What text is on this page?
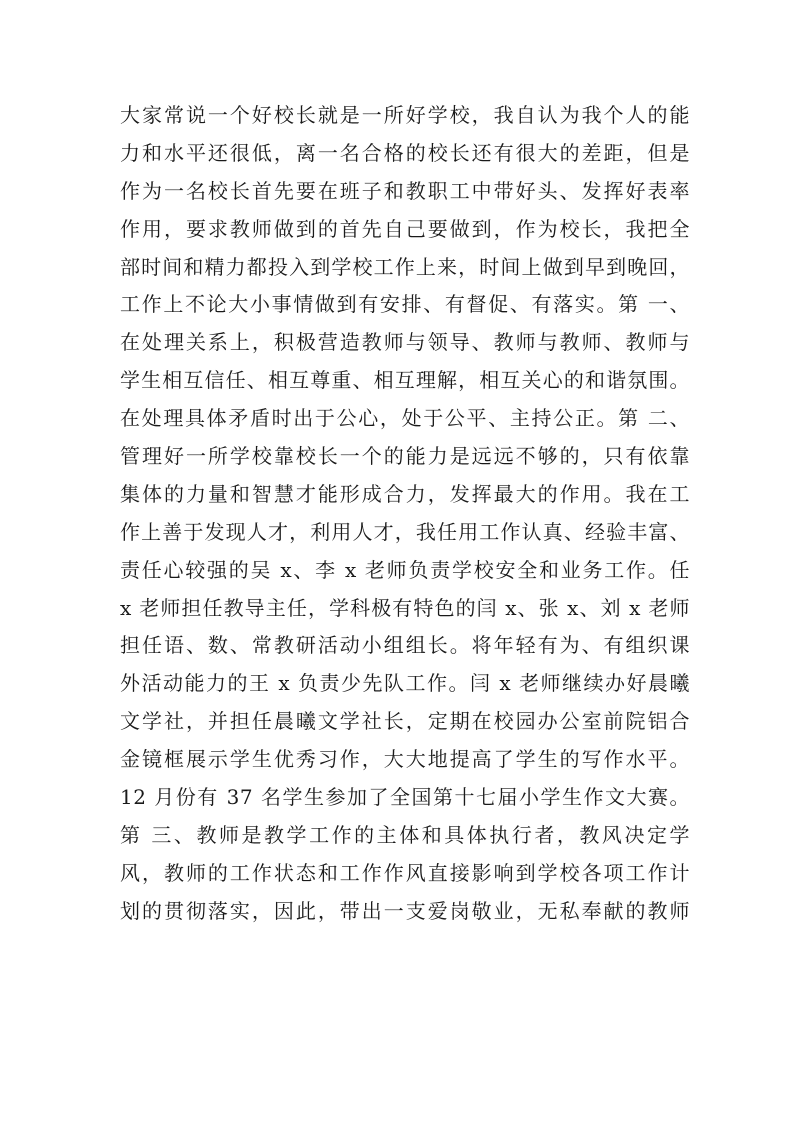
大家常说一个好校长就是一所好学校，我自认为我个人的能
力和水平还很低，离一名合格的校长还有很大的差距，但是
作为一名校长首先要在班子和教职工中带好头、发挥好表率
作用，要求教师做到的首先自己要做到，作为校长，我把全
部时间和精力都投入到学校工作上来，时间上做到早到晚回，
工作上不论大小事情做到有安排、有督促、有落实。第 一、
在处理关系上，积极营造教师与领导、教师与教师、教师与
学生相互信任、相互尊重、相互理解，相互关心的和谐氛围。
在处理具体矛盾时出于公心，处于公平、主持公正。第 二、
管理好一所学校靠校长一个的能力是远远不够的，只有依靠
集体的力量和智慧才能形成合力，发挥最大的作用。我在工
作上善于发现人才，利用人才，我任用工作认真、经验丰富、
责任心较强的吴 x、李 x 老师负责学校安全和业务工作。任
x 老师担任教导主任，学科极有特色的闫 x、张 x、刘 x 老师
担任语、数、常教研活动小组组长。将年轻有为、有组织课
外活动能力的王 x 负责少先队工作。闫 x 老师继续办好晨曦
文学社，并担任晨曦文学社长，定期在校园办公室前院铝合
金镜框展示学生优秀习作，大大地提高了学生的写作水平。
12 月份有 37 名学生参加了全国第十七届小学生作文大赛。
第 三、教师是教学工作的主体和具体执行者，教风决定学
风，教师的工作状态和工作作风直接影响到学校各项工作计
划的贯彻落实，因此，带出一支爱岗敬业，无私奉献的教师
